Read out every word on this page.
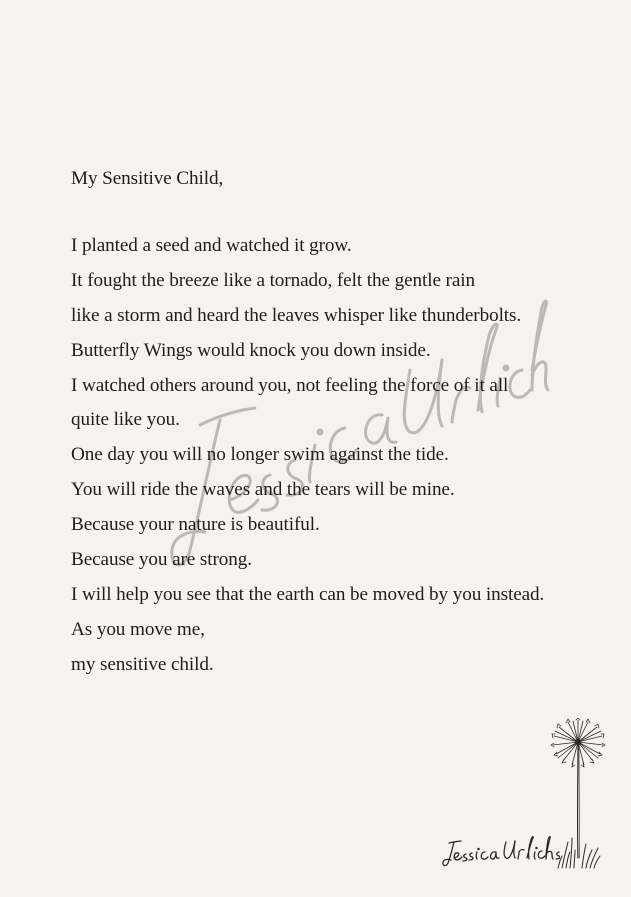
My Sensitive Child,
I planted a seed and watched it grow.
It fought the breeze like a tornado, felt the gentle rain
like a storm and heard the leaves whisper like thunderbolts.
Butterfly Wings would knock you down inside.
I watched others around you, not feeling the force of it all
quite like you.
One day you will no longer swim against the tide.
You will ride the waves and the tears will be mine.
Because your nature is beautiful.
Because you are strong.
I will help you see that the earth can be moved by you instead.
As you move me,
my sensitive child.
